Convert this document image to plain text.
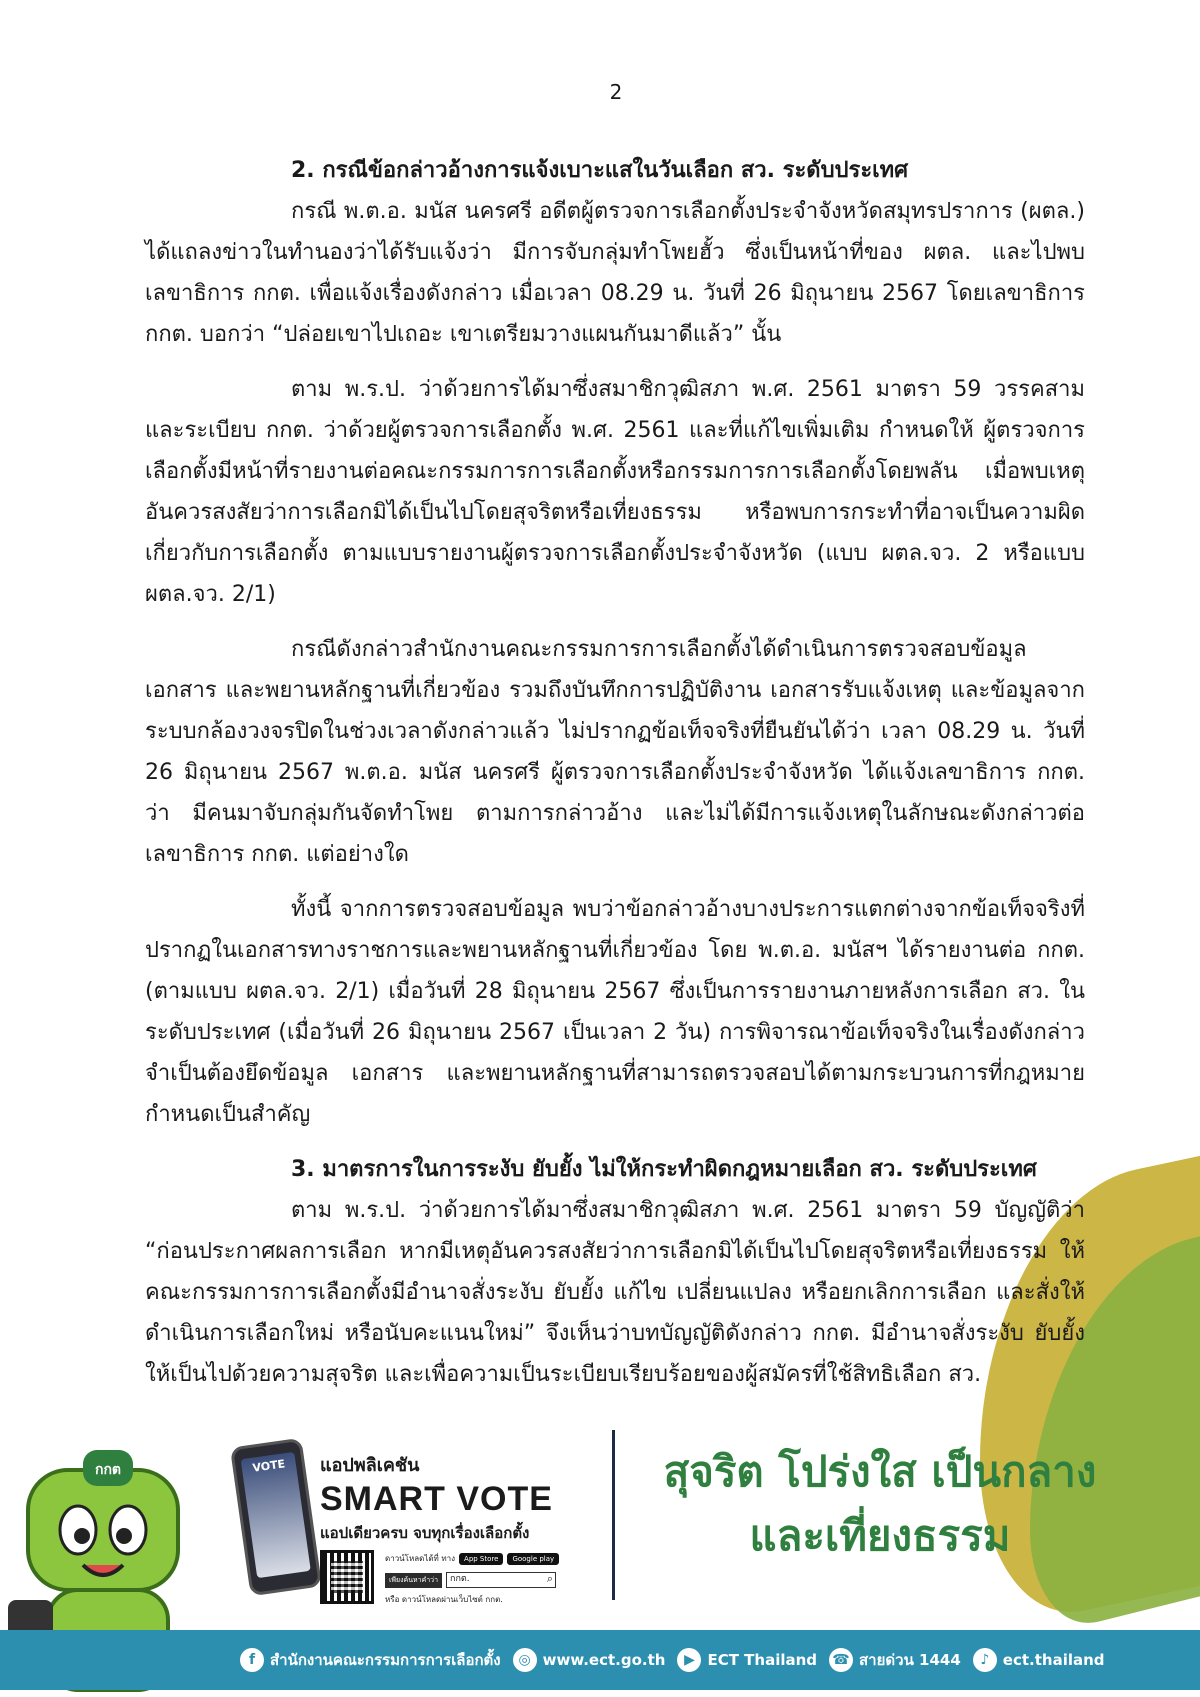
2
2. กรณีข้อกล่าวอ้างการแจ้งเบาะแสในวันเลือก สว. ระดับประเทศ

กรณี พ.ต.อ. มนัส นครศรี อดีตผู้ตรวจการเลือกตั้งประจำจังหวัดสมุทรปราการ (ผตล.) ได้แถลงข่าวในทำนองว่าได้รับแจ้งว่า มีการจับกลุ่มทำโพยฮั้ว ซึ่งเป็นหน้าที่ของ ผตล. และไปพบเลขาธิการ กกต. เพื่อแจ้งเรื่องดังกล่าว เมื่อเวลา 08.29 น. วันที่ 26 มิถุนายน 2567 โดยเลขาธิการ กกต. บอกว่า “ปล่อยเขาไปเถอะ เขาเตรียมวางแผนกันมาดีแล้ว” นั้น

ตาม พ.ร.ป. ว่าด้วยการได้มาซึ่งสมาชิกวุฒิสภา พ.ศ. 2561 มาตรา 59 วรรคสาม และระเบียบ กกต. ว่าด้วยผู้ตรวจการเลือกตั้ง พ.ศ. 2561 และที่แก้ไขเพิ่มเติม กำหนดให้ ผู้ตรวจการเลือกตั้งมีหน้าที่รายงานต่อคณะกรรมการการเลือกตั้งหรือกรรมการการเลือกตั้งโดยพลัน เมื่อพบเหตุอันควรสงสัยว่าการเลือกมิได้เป็นไปโดยสุจริตหรือเที่ยงธรรม หรือพบการกระทำที่อาจเป็นความผิดเกี่ยวกับการเลือกตั้ง ตามแบบรายงานผู้ตรวจการเลือกตั้งประจำจังหวัด (แบบ ผตล.จว. 2 หรือแบบ ผตล.จว. 2/1)

กรณีดังกล่าวสำนักงานคณะกรรมการการเลือกตั้งได้ดำเนินการตรวจสอบข้อมูล เอกสาร และพยานหลักฐานที่เกี่ยวข้อง รวมถึงบันทึกการปฏิบัติงาน เอกสารรับแจ้งเหตุ และข้อมูลจากระบบกล้องวงจรปิดในช่วงเวลาดังกล่าวแล้ว ไม่ปรากฏข้อเท็จจริงที่ยืนยันได้ว่า เวลา 08.29 น. วันที่ 26 มิถุนายน 2567 พ.ต.อ. มนัส นครศรี ผู้ตรวจการเลือกตั้งประจำจังหวัด ได้แจ้งเลขาธิการ กกต. ว่า มีคนมาจับกลุ่มกันจัดทำโพย ตามการกล่าวอ้าง และไม่ได้มีการแจ้งเหตุในลักษณะดังกล่าวต่อเลขาธิการ กกต. แต่อย่างใด

ทั้งนี้ จากการตรวจสอบข้อมูล พบว่าข้อกล่าวอ้างบางประการแตกต่างจากข้อเท็จจริงที่ปรากฏในเอกสารทางราชการและพยานหลักฐานที่เกี่ยวข้อง โดย พ.ต.อ. มนัสฯ ได้รายงานต่อ กกต. (ตามแบบ ผตล.จว. 2/1) เมื่อวันที่ 28 มิถุนายน 2567 ซึ่งเป็นการรายงานภายหลังการเลือก สว. ในระดับประเทศ (เมื่อวันที่ 26 มิถุนายน 2567 เป็นเวลา 2 วัน) การพิจารณาข้อเท็จจริงในเรื่องดังกล่าวจำเป็นต้องยึดข้อมูล เอกสาร และพยานหลักฐานที่สามารถตรวจสอบได้ตามกระบวนการที่กฎหมายกำหนดเป็นสำคัญ

3. มาตรการในการระงับ ยับยั้ง ไม่ให้กระทำผิดกฎหมายเลือก สว. ระดับประเทศ

ตาม พ.ร.ป. ว่าด้วยการได้มาซึ่งสมาชิกวุฒิสภา พ.ศ. 2561 มาตรา 59 บัญญัติว่า “ก่อนประกาศผลการเลือก หากมีเหตุอันควรสงสัยว่าการเลือกมิได้เป็นไปโดยสุจริตหรือเที่ยงธรรม ให้คณะกรรมการการเลือกตั้งมีอำนาจสั่งระงับ ยับยั้ง แก้ไข เปลี่ยนแปลง หรือยกเลิกการเลือก และสั่งให้ดำเนินการเลือกใหม่ หรือนับคะแนนใหม่” จึงเห็นว่าบทบัญญัติดังกล่าว กกต. มีอำนาจสั่งระงับ ยับยั้ง ให้เป็นไปด้วยความสุจริต และเพื่อความเป็นระเบียบเรียบร้อยของผู้สมัครที่ใช้สิทธิเลือก สว.

กกต	VOTE	แอปพลิเคชัน
SMART VOTE
แอปเดียวครบ จบทุกเรื่องเลือกตั้ง
ดาวน์โหลดได้ที่ ทาง	App Store	Google play
เพียงค้นหาคำว่า	กกต. ⌕
หรือ ดาวน์โหลดผ่านเว็บไซต์ กกต.
สุจริต โปร่งใส เป็นกลาง
และเที่ยงธรรม
f สำนักงานคณะกรรมการการเลือกตั้ง	◎ www.ect.go.th	▶ ECT Thailand ☎ สายด่วน 1444	♪ ect.thailand
